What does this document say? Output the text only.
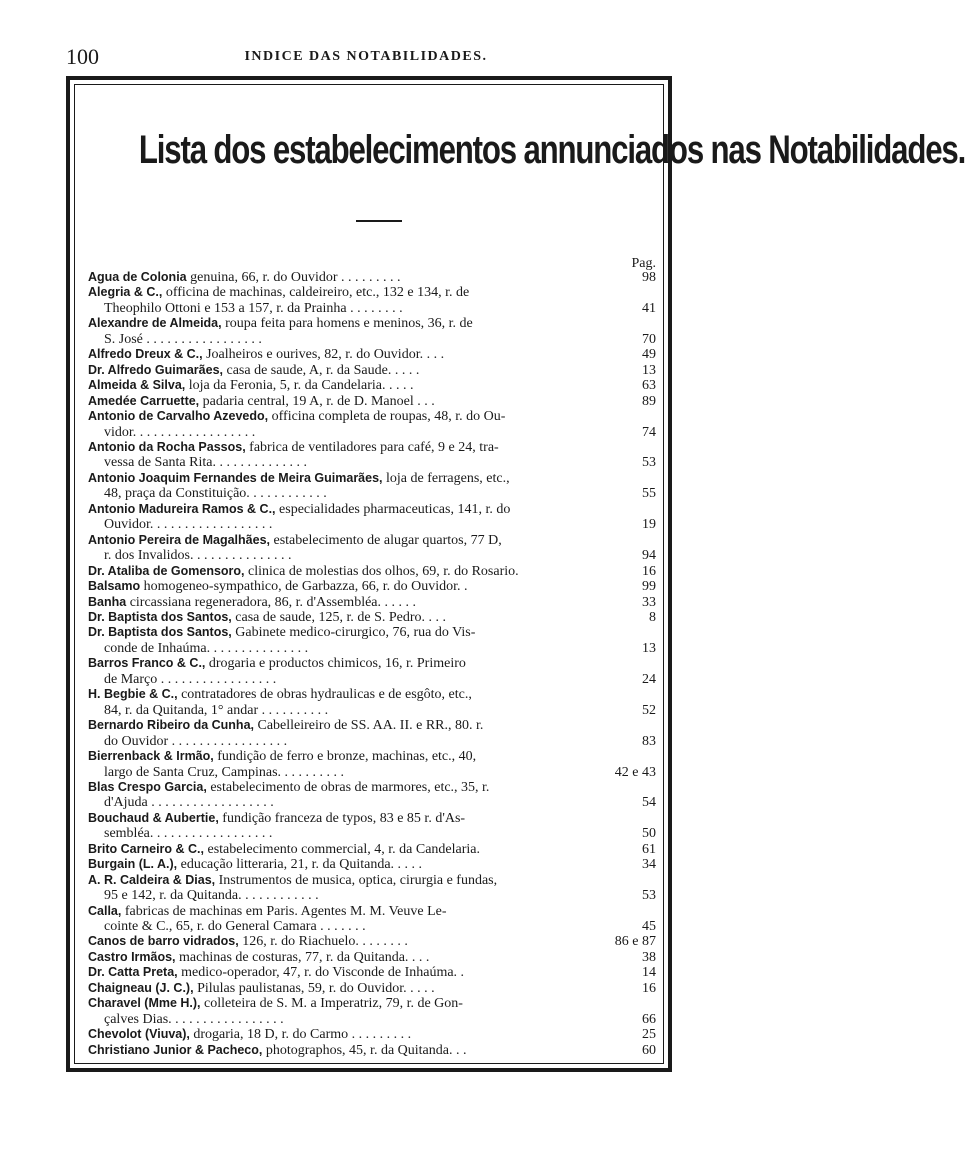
100	INDICE DAS NOTABILIDADES.
Lista dos estabelecimentos annunciados nas Notabilidades.
Pag.
Agua de Colonia genuina, 66, r. do Ouvidor . . . . . . . . .	98
Alegria & C., officina de machinas, caldeireiro, etc., 132 e 134, r. de
Theophilo Ottoni e 153 a 157, r. da Prainha . . . . . . . .	41
Alexandre de Almeida, roupa feita para homens e meninos, 36, r. de
S. José . . . . . . . . . . . . . . . . .	70
Alfredo Dreux & C., Joalheiros e ourives, 82, r. do Ouvidor. . . .	49
Dr. Alfredo Guimarães, casa de saude, A, r. da Saude. . . . .	13
Almeida & Silva, loja da Feronia, 5, r. da Candelaria. . . . .	63
Amedée Carruette, padaria central, 19 A, r. de D. Manoel . . .	89
Antonio de Carvalho Azevedo, officina completa de roupas, 48, r. do Ou-
vidor. . . . . . . . . . . . . . . . . .	74
Antonio da Rocha Passos, fabrica de ventiladores para café, 9 e 24, tra-
vessa de Santa Rita. . . . . . . . . . . . . .	53
Antonio Joaquim Fernandes de Meira Guimarães, loja de ferragens, etc.,
48, praça da Constituição. . . . . . . . . . . .	55
Antonio Madureira Ramos & C., especialidades pharmaceuticas, 141, r. do
Ouvidor. . . . . . . . . . . . . . . . . .	19
Antonio Pereira de Magalhães, estabelecimento de alugar quartos, 77 D,
r. dos Invalidos. . . . . . . . . . . . . . .	94
Dr. Ataliba de Gomensoro, clinica de molestias dos olhos, 69, r. do Rosario.	16
Balsamo homogeneo-sympathico, de Garbazza, 66, r. do Ouvidor. .	99
Banha circassiana regeneradora, 86, r. d'Assembléa. . . . . .	33
Dr. Baptista dos Santos, casa de saude, 125, r. de S. Pedro. . . .	8
Dr. Baptista dos Santos, Gabinete medico-cirurgico, 76, rua do Vis-
conde de Inhaúma. . . . . . . . . . . . . . .	13
Barros Franco & C., drogaria e productos chimicos, 16, r. Primeiro
de Março . . . . . . . . . . . . . . . . .	24
H. Begbie & C., contratadores de obras hydraulicas e de esgôto, etc.,
84, r. da Quitanda, 1° andar . . . . . . . . . .	52
Bernardo Ribeiro da Cunha, Cabelleireiro de SS. AA. II. e RR., 80. r.
do Ouvidor . . . . . . . . . . . . . . . . .	83
Bierrenback & Irmão, fundição de ferro e bronze, machinas, etc., 40,
largo de Santa Cruz, Campinas. . . . . . . . . .	42 e 43
Blas Crespo Garcia, estabelecimento de obras de marmores, etc., 35, r.
d'Ajuda . . . . . . . . . . . . . . . . . .	54
Bouchaud & Aubertie, fundição franceza de typos, 83 e 85 r. d'As-
sembléa. . . . . . . . . . . . . . . . . .	50
Brito Carneiro & C., estabelecimento commercial, 4, r. da Candelaria.	61
Burgain (L. A.), educação litteraria, 21, r. da Quitanda. . . . .	34
A. R. Caldeira & Dias, Instrumentos de musica, optica, cirurgia e fundas,
95 e 142, r. da Quitanda. . . . . . . . . . . .	53
Calla, fabricas de machinas em Paris. Agentes M. M. Veuve Le-
cointe & C., 65, r. do General Camara . . . . . . .	45
Canos de barro vidrados, 126, r. do Riachuelo. . . . . . . .	86 e 87
Castro Irmãos, machinas de costuras, 77, r. da Quitanda. . . .	38
Dr. Catta Preta, medico-operador, 47, r. do Visconde de Inhaúma. .	14
Chaigneau (J. C.), Pilulas paulistanas, 59, r. do Ouvidor. . . . .	16
Charavel (Mme H.), colleteira de S. M. a Imperatriz, 79, r. de Gon-
çalves Dias. . . . . . . . . . . . . . . . .	66
Chevolot (Viuva), drogaria, 18 D, r. do Carmo . . . . . . . . .	25
Christiano Junior & Pacheco, photographos, 45, r. da Quitanda. . .	60
